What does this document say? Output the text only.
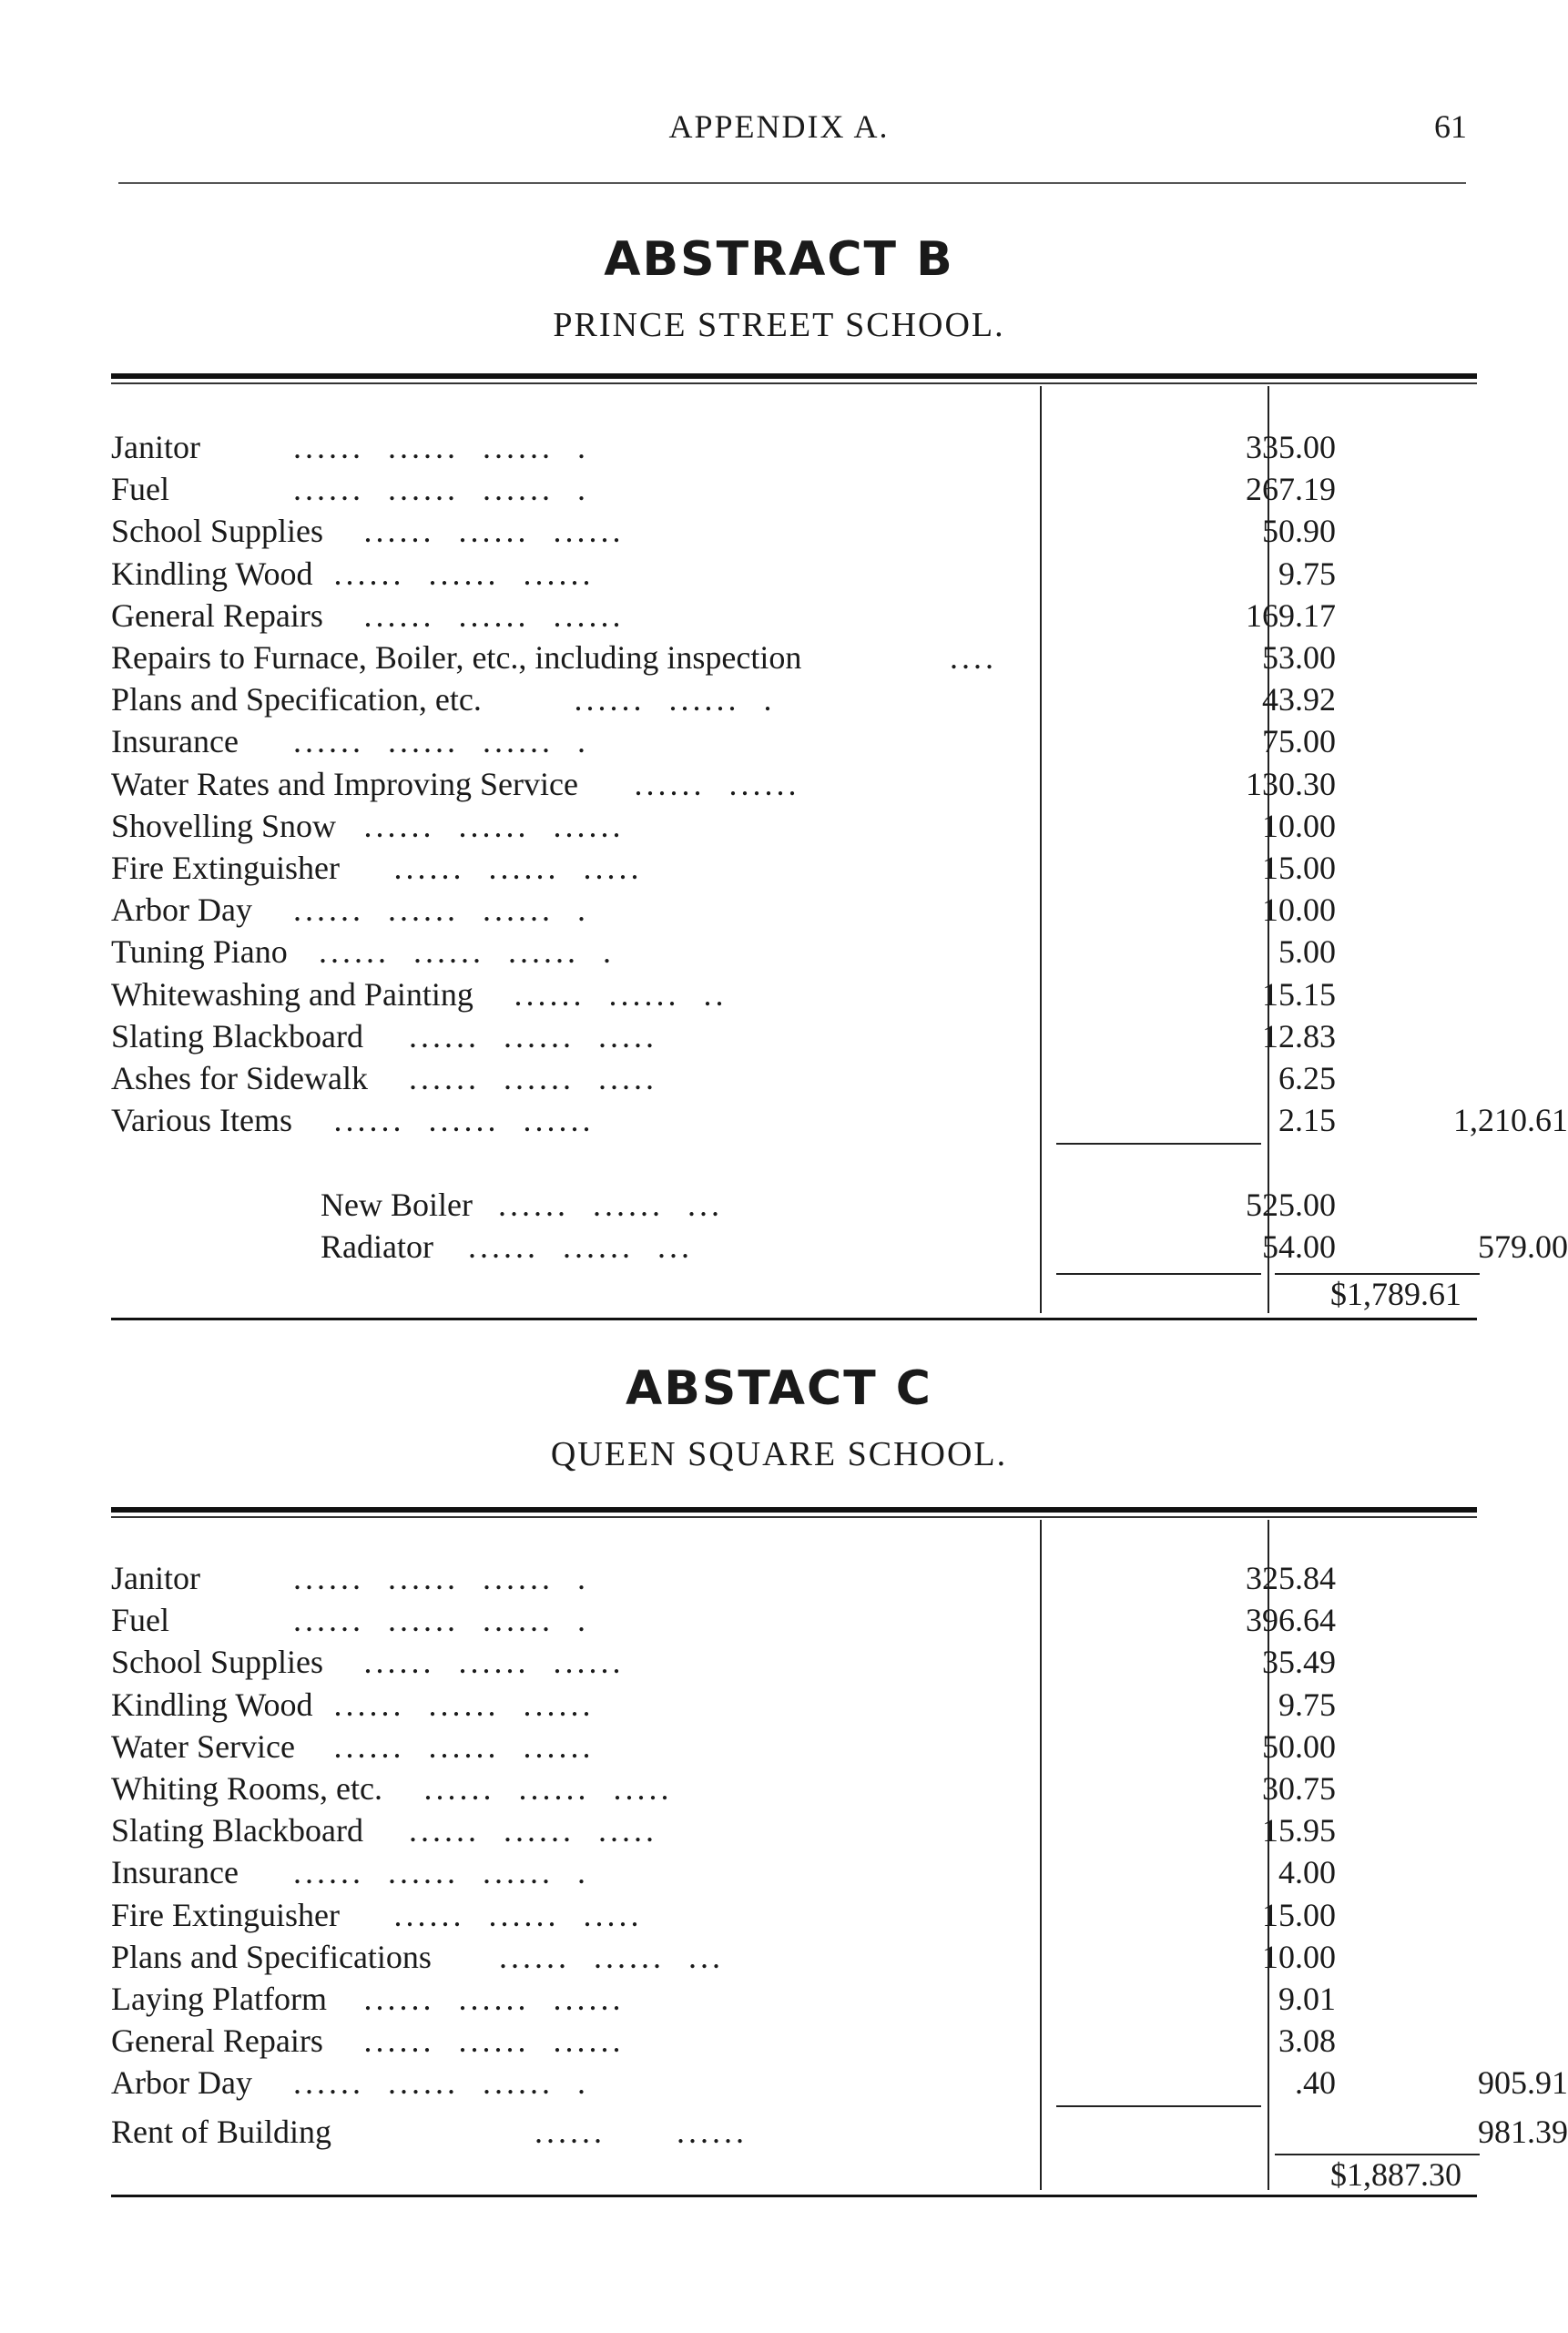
APPENDIX A.	61
ABSTRACT B
PRINCE STREET SCHOOL.
Janitor	......  ......  ......  .	335.00
Fuel	......  ......  ......  .	267.19
School Supplies ......  ......  ......	50.90
Kindling Wood ......  ......  ......	9.75
General Repairs ......  ......  ......	169.17
Repairs to Furnace, Boiler, etc., including inspection	....	53.00
Plans and Specification, etc.	......  ......  .	43.92
Insurance ......  ......  ......  .	75.00
Water Rates and Improving Service ......  ......	130.30
Shovelling Snow ......  ......  ......	10.00
Fire Extinguisher ......  ......  .....	15.00
Arbor Day ......  ......  ......  .	10.00
Tuning Piano ......  ......  ......  .	5.00
Whitewashing and Painting ......  ......  ..	15.15
Slating Blackboard ......  ......  .....	12.83
Ashes for Sidewalk ......  ......  .....	6.25
Various Items ......  ......  ......	2.15	1,210.61
New Boiler ......  ......  ...	525.00
Radiator ......  ......  ...	54.00	579.00
$1,789.61
ABSTACT C
QUEEN SQUARE SCHOOL.
Janitor	......  ......  ......  .	325.84
Fuel	......  ......  ......  .	396.64
School Supplies ......  ......  ......	35.49
Kindling Wood ......  ......  ......	9.75
Water Service ......  ......  ......	50.00
Whiting Rooms, etc. ......  ......  .....	30.75
Slating Blackboard ......  ......  .....	15.95
Insurance ......  ......  ......  .	4.00
Fire Extinguisher ......  ......  .....	15.00
Plans and Specifications ......  ......  ...	10.00
Laying Platform ......  ......  ......	9.01
General Repairs ......  ......  ......	3.08
Arbor Day ......  ......  ......  .	.40	905.91
Rent of Building	......      ......	981.39
$1,887.30
